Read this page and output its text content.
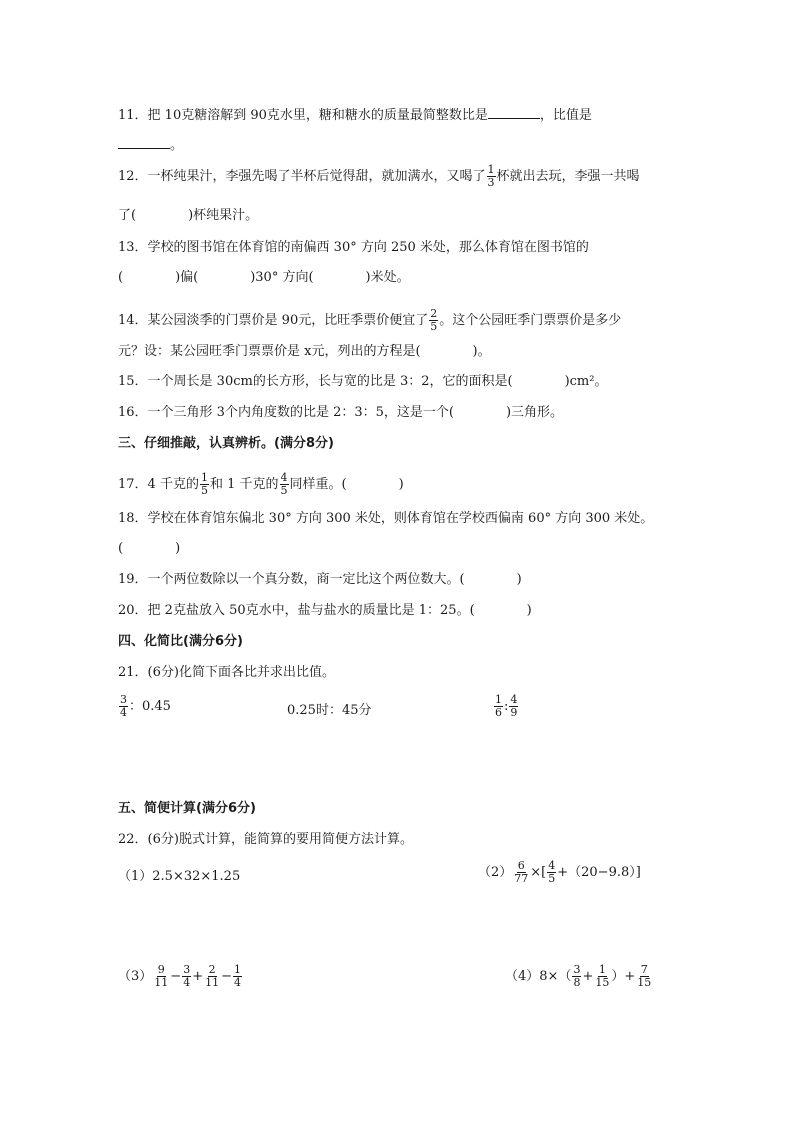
11．把 10克糖溶解到 90克水里，糖和糖水的质量最简整数比是	，比值是
。
12．一杯纯果汁，李强先喝了半杯后觉得甜，就加满水，又喝了 $\frac{1}{3}$ 杯就出去玩，李强一共喝
了(　　　　)杯纯果汁。
13．学校的图书馆在体育馆的南偏西 30° 方向 250 米处，那么体育馆在图书馆的
(　　　　)偏(　　　　)30° 方向(　　　　)米处。
14．某公园淡季的门票价是 90元，比旺季票价便宜了 $\frac{2}{5}$ 。这个公园旺季门票票价是多少
元？设：某公园旺季门票票价是 x元，列出的方程是(　　　　)。
15．一个周长是 30cm的长方形，长与宽的比是 3：2，它的面积是(　　　　)cm²。
16．一个三角形 3个内角度数的比是 2：3：5，这是一个(　　　　)三角形。
三、仔细推敲，认真辨析。(满分8分)
17．4 千克的 $\frac{1}{5}$ 和 1 千克的 $\frac{4}{5}$ 同样重。(　　　　)
18．学校在体育馆东偏北 30° 方向 300 米处，则体育馆在学校西偏南 60° 方向 300 米处。
(　　　　)
19．一个两位数除以一个真分数，商一定比这个两位数大。(　　　　)
20．把 2克盐放入 50克水中，盐与盐水的质量比是 1：25。(　　　　)
四、化简比(满分6分)
21．(6分)化简下面各比并求出比值。
$\frac{3}{4}$ ：0.45	0.25时：45分	$\frac{1}{6}$ : $\frac{4}{9}$
五、简便计算(满分6分)
22．(6分)脱式计算，能简算的要用简便方法计算。
（1）2.5×32×1.25	$(2) \frac{6}{77}$ ×[ $\frac{4}{5} +(20-9.8)$]
$(3) \frac{9}{11} - \frac{3}{4} + \frac{2}{11} - \frac{1}{4}$	$(4)8\times( \frac{3}{8} + \frac{1}{15}$ ）+ $\frac{7}{15}$
